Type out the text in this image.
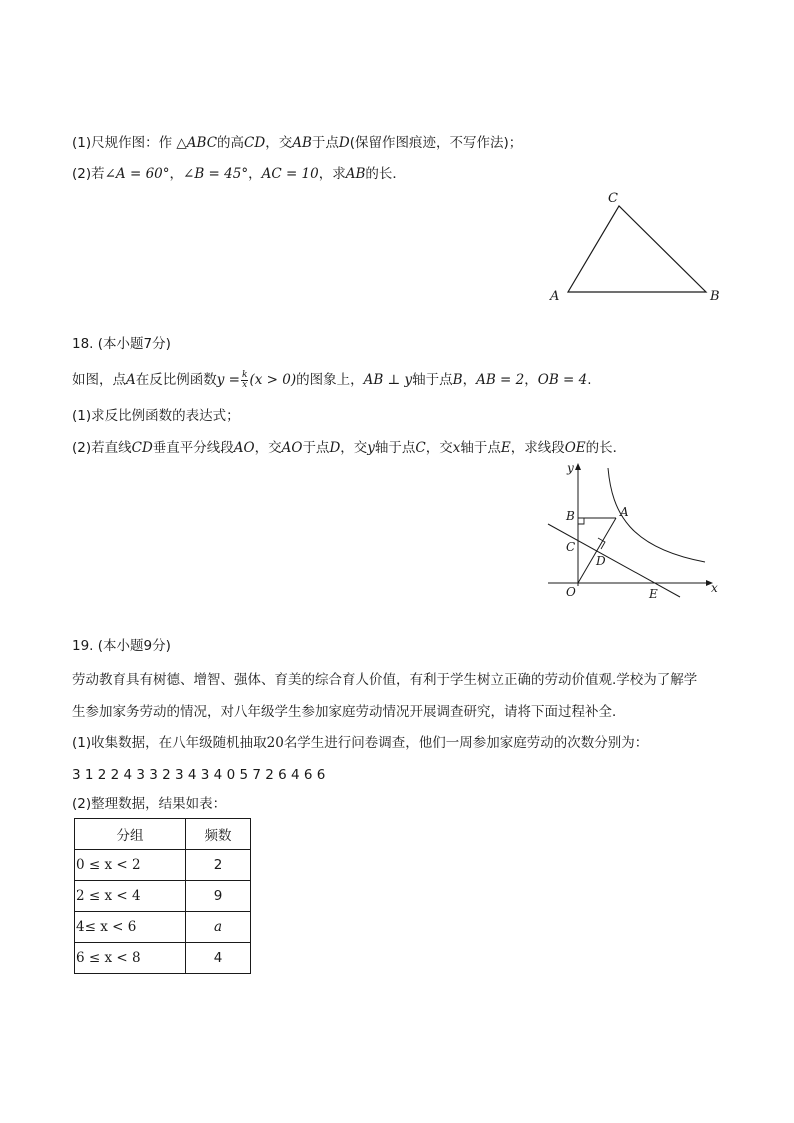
(1)尺规作图：作 △ABC的高CD，交AB于点D(保留作图痕迹，不写作法)；
(2)若∠A = 60°，∠B = 45°，AC = 10，求AB的长．
C
A	B
18. (本小题7分)
如图，点A在反比例函数$y = \frac{k}{x} (x > 0)$的图象上，AB ⊥ y轴于点B，AB = 2，OB = 4.
(1)求反比例函数的表达式；
(2)若直线CD垂直平分线段AO，交AO于点D，交y轴于点C，交x轴于点E，求线段OE的长．
y
x
B	A
C
D
O	E
19. (本小题9分)
劳动教育具有树德、增智、强体、育美的综合育人价值，有利于学生树立正确的劳动价值观.学校为了解学
生参加家务劳动的情况，对八年级学生参加家庭劳动情况开展调查研究，请将下面过程补全．
(1)收集数据，在八年级随机抽取20名学生进行问卷调查，他们一周参加家庭劳动的次数分别为：
3 1 2 2 4 3 3 2 3 4 3 4 0 5 7 2 6 4 6 6
(2)整理数据，结果如表：
分组	频数
0 ≤ x < 2	2
2 ≤ x < 4	9
4≤ x < 6	a
6 ≤ x < 8	4
